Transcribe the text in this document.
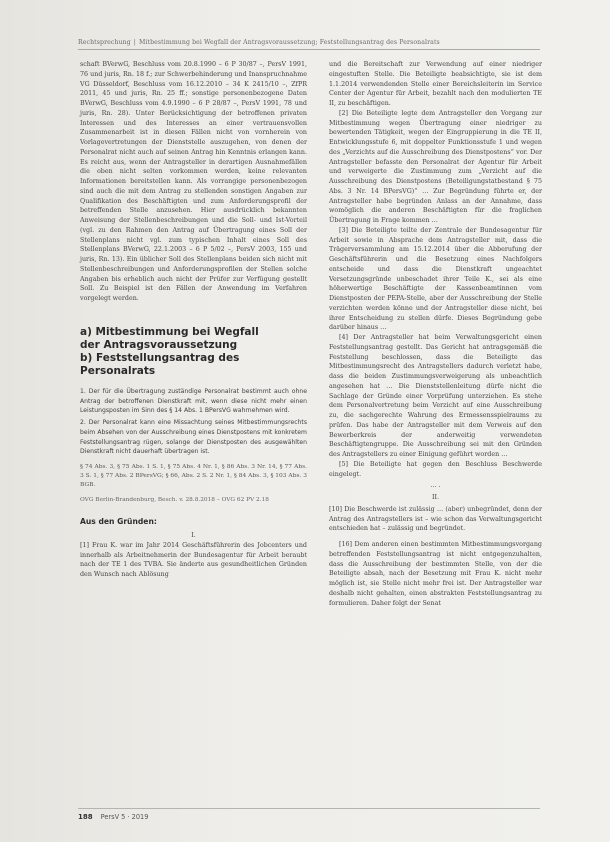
Rechtsprechung | Mitbestimmung bei Wegfall der Antragsvoraussetzung; Feststellungsantrag des Personalrats

schaft BVerwG, Beschluss vom 20.8.1990 – 6 P 30/87 –, PersV 1991, 76 und juris, Rn. 18 f.; zur Schwerbehinderung und Inanspruchnahme VG Düsseldorf, Beschluss vom 16.12.2010 – 34 K 2415/10 –, ZfPR 2011, 45 und juris, Rn. 25 ff.; sonstige personenbezogene Daten BVerwG, Beschluss vom 4.9.1990 – 6 P 28/87 –, PersV 1991, 78 und juris, Rn. 28). Unter Berücksichtigung der betroffenen privaten Interessen und des Interesses an einer vertrauensvollen Zusammenarbeit ist in diesen Fällen nicht von vornherein von Vorlagevertretungen der Dienststelle auszugehen, von denen der Personalrat nicht auch auf seinen Antrag hin Kenntnis erlangen kann. Es reicht aus, wenn der Antragsteller in derartigen Ausnahmefällen die oben nicht selten vorkommen werden, keine relevanten Informationen bereitstellen kann. Als vorrangige personenbezogen sind auch die mit dem Antrag zu stellenden sonstigen Angaben zur Qualifikation des Beschäftigten und zum Anforderungsprofil der betreffenden Stelle anzusehen. Hier ausdrücklich bekannten Anweisung der Stellenbeschreibungen und die Soll- und Ist-Vorteil (vgl. zu den Rahmen den Antrag auf Übertragung eines Soll der Stellenplans nicht vgl. zum typischen Inhalt eines Soll des Stellenplans BVerwG, 22.1.2003 – 6 P 5/02 –, PersV 2003, 155 und juris, Rn. 13). Ein üblicher Soll des Stellenplans beiden sich nicht mit Stellenbeschreibungen und Anforderungsprofilen der Stellen solche Angaben bis erheblich auch nicht der Prüfer zur Verfügung gestellt Soll. Zu Beispiel ist den Fällen der Anwendung im Verfahren vorgelegt werden.

a) Mitbestimmung bei Wegfall
der Antragsvoraussetzung
b) Feststellungsantrag des
Personalrats

1. Der für die Übertragung zuständige Personalrat bestimmt auch ohne Antrag der betroffenen Dienstkraft mit, wenn diese nicht mehr einen Leistungsposten im Sinn des § 14 Abs. 1 BPersVG wahrnehmen wird.

2. Der Personalrat kann eine Missachtung seines Mitbestimmungsrechts beim Absehen von der Ausschreibung eines Dienstpostens mit konkretem Feststellungsantrag rügen, solange der Dienstposten des ausgewählten Dienstkraft nicht dauerhaft übertragen ist.

§ 74 Abs. 3, § 75 Abs. 1 S. 1, § 75 Abs. 4 Nr. 1, § 86 Abs. 3 Nr. 14, § 77 Abs. 3 S. 1, § 77 Abs. 2 BPersVG; § 66, Abs. 2 S. 2 Nr. 1, § 84 Abs. 3, § 103 Abs. 3 BGB.

OVG Berlin-Brandenburg, Besch. v. 28.8.2018 – OVG 62 PV 2.18

Aus den Gründen:

I.

[1] Frau K. war im Jahr 2014 Geschäftsführerin des Jobcenters und innerhalb als Arbeitnehmerin der Bundesagentur für Arbeit beraubt nach der TE 1 des TVBA. Sie änderte aus gesundheitlichen Gründen den Wunsch nach Ablösung

und die Bereitschaft zur Verwendung auf einer niedriger eingestuften Stelle. Die Beteiligte beabsichtigte, sie ist dem 1.1.2014 verwendenden Stelle einer Bereichsleiterin im Service Center der Agentur für Arbeit, bezahlt nach den modulierten TE II, zu beschäftigen.

[2] Die Beteiligte legte dem Antragsteller den Vorgang zur Mitbestimmung wegen Übertragung einer niedriger zu bewertenden Tätigkeit, wegen der Eingruppierung in die TE II, Entwicklungsstufe 6, mit doppelter Funktionsstufe 1 und wegen des „Verzichts auf die Ausschreibung des Dienstpostens“ vor. Der Antragsteller befasste den Personalrat der Agentur für Arbeit und verweigerte die Zustimmung zum „Verzicht auf die Ausschreibung des Dienstpostens (Beteiligungstatbestand § 75 Abs. 3 Nr. 14 BPersVG)“ … Zur Begründung führte er, der Antragsteller habe begründen Anlass an der Annahme, dass womöglich die anderen Beschäftigten für die fraglichen Übertragung in Frage kommen …

[3] Die Beteiligte teilte der Zentrale der Bundesagentur für Arbeit sowie in Absprache dem Antragsteller mit, dass die Trägerversammlung am 15.12.2014 über die Abberufung der Geschäftsführerin und die Besetzung eines Nachfolgers entscheide und dass die Dienstkraft ungeachtet Versetzungsgründe unbeschadet ihrer Teile K., sei als eine höherwertige Beschäftigte der Kassenbeamtinnen vom Dienstposten der PEPA-Stelle, aber der Ausschreibung der Stelle verzichten werden könne und der Antragsteller diese nicht, bei ihrer Entscheidung zu stellen dürfe. Dieses Begründung gebe darüber hinaus …

[4] Der Antragsteller hat beim Verwaltungsgericht einen Feststellungsantrag gestellt. Das Gericht hat antragsgemäß die Feststellung beschlossen, dass die Beteiligte das Mitbestimmungsrecht des Antragstellers dadurch verletzt habe, dass die beiden Zustimmungsverweigerung als unbeachtlich angesehen hat … Die Dienststellenleitung dürfe nicht die Sachlage der Gründe einer Vorprüfung unterziehen. Es stehe dem Personalvertretung beim Verzicht auf eine Ausschreibung zu, die sachgerechte Wahrung des Ermessensspielraums zu prüfen. Das habe der Antragsteller mit dem Verweis auf den Bewerberkreis der anderweitig verwendeten Beschäftigtengruppe. Die Ausschreibung sei mit den Gründen des Antragstellers zu einer Einigung geführt worden …

[5] Die Beteiligte hat gegen den Beschluss Beschwerde eingelegt.

… .

II.

[10] Die Beschwerde ist zulässig … (aber) unbegründet, denn der Antrag des Antragstellers ist – wie schon das Verwaltungsgericht entschieden hat – zulässig und begründet.

[16] Dem anderen einen bestimmten Mitbestimmungsvorgang betreffenden Feststellungsantrag ist nicht entgegenzuhalten, dass die Ausschreibung der bestimmten Stelle, von der die Beteiligte absah, nach der Besetzung mit Frau K. nicht mehr möglich ist, sie Stelle nicht mehr frei ist. Der Antragsteller war deshalb nicht gehalten, einen abstrakten Feststellungsantrag zu formulieren. Daher folgt der Senat

188 PersV 5 · 2019
